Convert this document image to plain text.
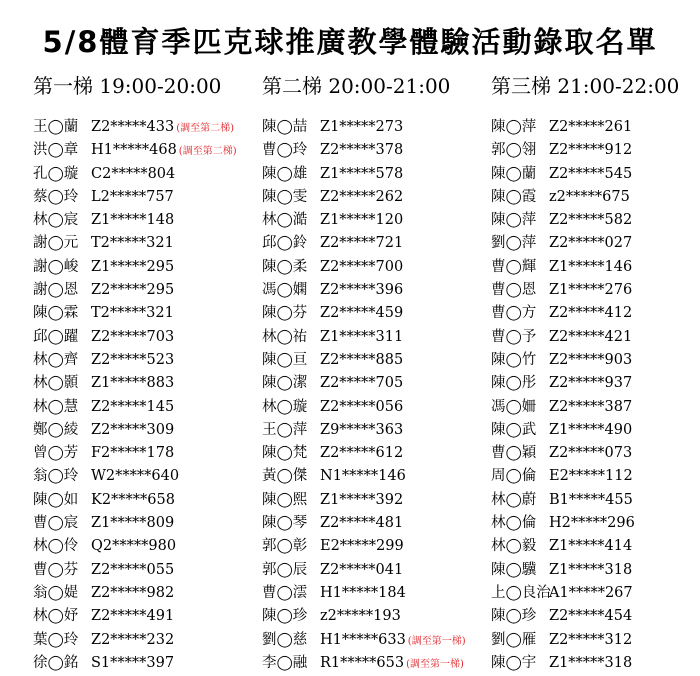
5/8體育季匹克球推廣教學體驗活動錄取名單
第一梯 19:00-20:00
王◯蘭 Z2*****433 (調至第二梯)
洪◯章 H1*****468 (調至第二梯)
孔◯璇 C2*****804
蔡◯玲 L2*****757
林◯宸 Z1*****148
謝◯元 T2*****321
謝◯峻 Z1*****295
謝◯恩 Z2*****295
陳◯霖 T2*****321
邱◯躍 Z2*****703
林◯齊 Z2*****523
林◯顥 Z1*****883
林◯慧 Z2*****145
鄭◯綾 Z2*****309
曾◯芳 F2*****178
翁◯玲 W2*****640
陳◯如 K2*****658
曹◯宸 Z1*****809
林◯伶 Q2*****980
曹◯芬 Z2*****055
翁◯媞 Z2*****982
林◯妤 Z2*****491
葉◯玲 Z2*****232
徐◯銘 S1*****397
第二梯 20:00-21:00
陳◯喆 Z1*****273
曹◯玲 Z2*****378
陳◯雄 Z1*****578
陳◯雯 Z2*****262
林◯澔 Z1*****120
邱◯鈴 Z2*****721
陳◯柔 Z2*****700
馮◯嫻 Z2*****396
陳◯芬 Z2*****459
林◯祐 Z1*****311
陳◯亘 Z2*****885
陳◯潔 Z2*****705
林◯璇 Z2*****056
王◯萍 Z9*****363
陳◯梵 Z2*****612
黃◯傑 N1*****146
陳◯熙 Z1*****392
陳◯琴 Z2*****481
郭◯彰 E2*****299
郭◯辰 Z2*****041
曹◯澐 H1*****184
陳◯珍 z2*****193
劉◯慈 H1*****633 (調至第一梯)
李◯融 R1*****653 (調至第一梯)
第三梯 21:00-22:00
陳◯萍 Z2*****261
郭◯翎 Z2*****912
陳◯蘭 Z2*****545
陳◯霞 z2*****675
陳◯萍 Z2*****582
劉◯萍 Z2*****027
曹◯輝 Z1*****146
曹◯恩 Z1*****276
曹◯方 Z2*****412
曹◯予 Z2*****421
陳◯竹 Z2*****903
陳◯彤 Z2*****937
馮◯姍 Z2*****387
陳◯武 Z1*****490
曹◯穎 Z2*****073
周◯倫 E2*****112
林◯蔚 B1*****455
林◯倫 H2*****296
林◯毅 Z1*****414
陳◯驥 Z1*****318
上◯良治A1*****267
陳◯珍 Z2*****454
劉◯雁 Z2*****312
陳◯宇 Z1*****318
